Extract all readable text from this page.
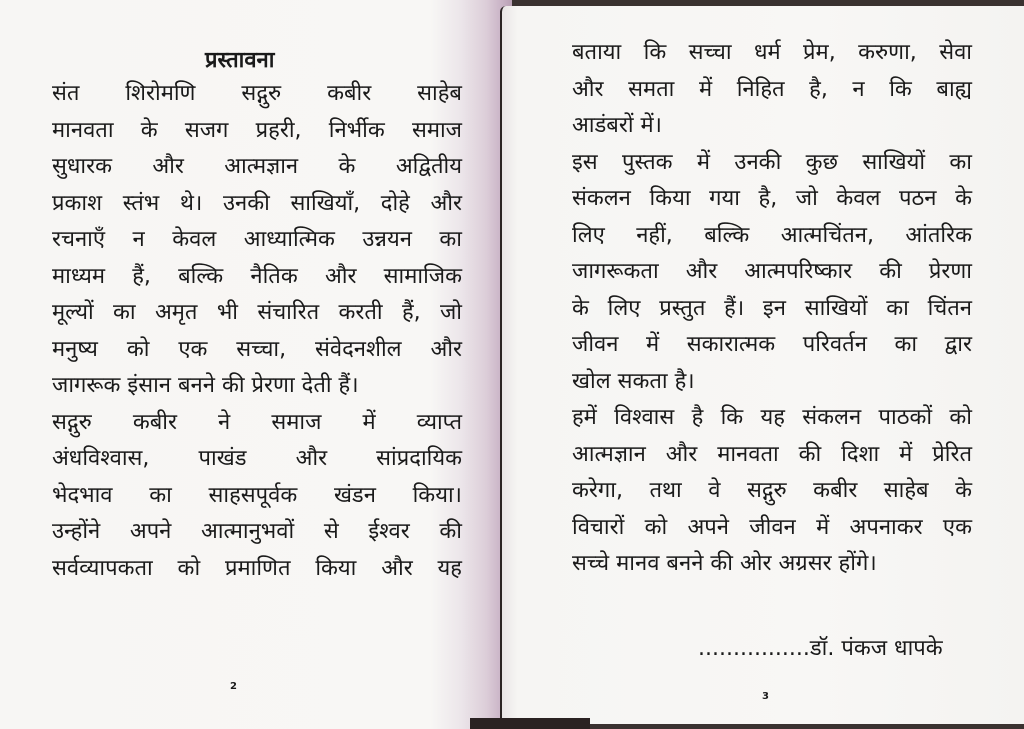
प्रस्तावना
संत शिरोमणि सद्गुरु कबीर साहेब
मानवता के सजग प्रहरी, निर्भीक समाज
सुधारक और आत्मज्ञान के अद्वितीय
प्रकाश स्तंभ थे। उनकी साखियाँ, दोहे और
रचनाएँ न केवल आध्यात्मिक उन्नयन का
माध्यम हैं, बल्कि नैतिक और सामाजिक
मूल्यों का अमृत भी संचारित करती हैं, जो
मनुष्य को एक सच्चा, संवेदनशील और
जागरूक इंसान बनने की प्रेरणा देती हैं।
सद्गुरु कबीर ने समाज में व्याप्त
अंधविश्वास, पाखंड और सांप्रदायिक
भेदभाव का साहसपूर्वक खंडन किया।
उन्होंने अपने आत्मानुभवों से ईश्वर की
सर्वव्यापकता को प्रमाणित किया और यह
2
बताया कि सच्चा धर्म प्रेम, करुणा, सेवा
और समता में निहित है, न कि बाह्य
आडंबरों में।
इस पुस्तक में उनकी कुछ साखियों का
संकलन किया गया है, जो केवल पठन के
लिए नहीं, बल्कि आत्मचिंतन, आंतरिक
जागरूकता और आत्मपरिष्कार की प्रेरणा
के लिए प्रस्तुत हैं। इन साखियों का चिंतन
जीवन में सकारात्मक परिवर्तन का द्वार
खोल सकता है।
हमें विश्वास है कि यह संकलन पाठकों को
आत्मज्ञान और मानवता की दिशा में प्रेरित
करेगा, तथा वे सद्गुरु कबीर साहेब के
विचारों को अपने जीवन में अपनाकर एक
सच्चे मानव बनने की ओर अग्रसर होंगे।
................डॉ. पंकज धापके
3
